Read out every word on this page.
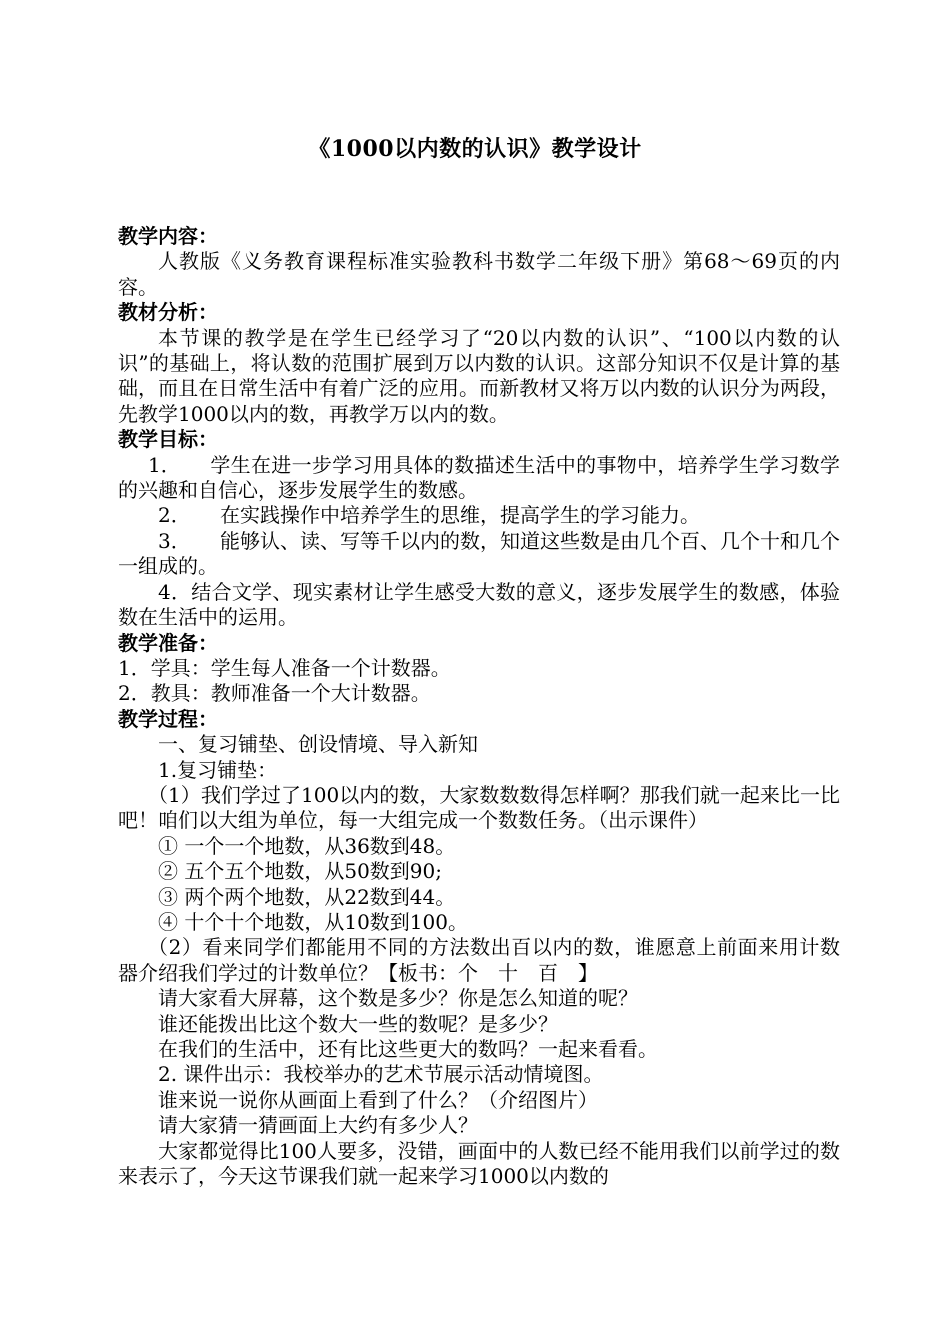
《1000以内数的认识》教学设计
教学内容：
人教版《义务教育课程标准实验教科书数学二年级下册》第68～69页的内容。
教材分析：
本节课的教学是在学生已经学习了“20以内数的认识”、“100以内数的认识”的基础上，将认数的范围扩展到万以内数的认识。这部分知识不仅是计算的基础，而且在日常生活中有着广泛的应用。而新教材又将万以内数的认识分为两段，先教学1000以内的数，再教学万以内的数。
教学目标：
1． 学生在进一步学习用具体的数描述生活中的事物中，培养学生学习数学的兴趣和自信心，逐步发展学生的数感。
2． 在实践操作中培养学生的思维，提高学生的学习能力。
3． 能够认、读、写等千以内的数，知道这些数是由几个百、几个十和几个一组成的。
4．结合文学、现实素材让学生感受大数的意义，逐步发展学生的数感，体验数在生活中的运用。
教学准备：
1．学具：学生每人准备一个计数器。
2．教具：教师准备一个大计数器。
教学过程：
一、复习铺垫、创设情境、导入新知
1.复习铺垫：
（1）我们学过了100以内的数，大家数数数得怎样啊？那我们就一起来比一比吧！咱们以大组为单位，每一大组完成一个数数任务。（出示课件）
① 一个一个地数，从36数到48。
② 五个五个地数，从50数到90;
③ 两个两个地数，从22数到44。
④ 十个十个地数，从10数到100。
（2）看来同学们都能用不同的方法数出百以内的数，谁愿意上前面来用计数器介绍我们学过的计数单位？【板书：个　十　百　】
请大家看大屏幕，这个数是多少？你是怎么知道的呢？
谁还能拨出比这个数大一些的数呢？是多少？
在我们的生活中，还有比这些更大的数吗？一起来看看。
2. 课件出示：我校举办的艺术节展示活动情境图。
谁来说一说你从画面上看到了什么？（介绍图片）
请大家猜一猜画面上大约有多少人？
大家都觉得比100人要多，没错，画面中的人数已经不能用我们以前学过的数来表示了，今天这节课我们就一起来学习1000以内数的
